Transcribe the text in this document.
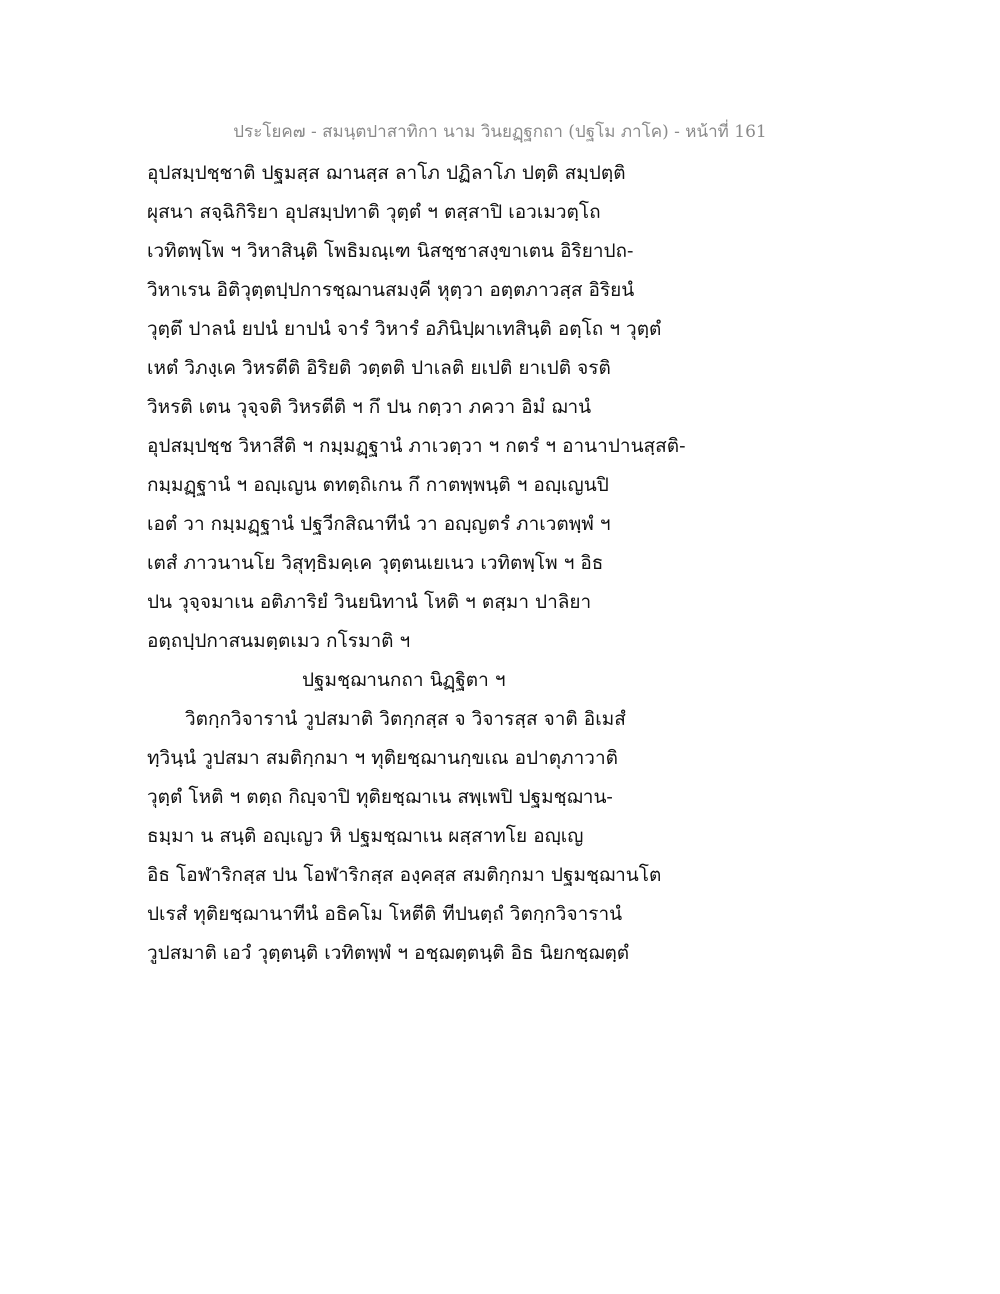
ประโยค๗ - สมนฺตปาสาทิกา นาม วินยฏฺฐกถา (ปฐโม ภาโค) - หน้าที่ 161
อุปสมฺปชฺชาติ ปฐมสฺส ฌานสฺส ลาโภ ปฏิลาโภ ปตฺติ สมฺปตฺติ
ผุสนา สจฺฉิกิริยา อุปสมฺปทาติ วุตฺตํ ฯ ตสฺสาปิ เอวเมวตฺโถ
เวทิตพฺโพ ฯ วิหาสินฺติ โพธิมณฺเฑ นิสชฺชาสงฺขาเตน อิริยาปถ-
วิหาเรน อิติวุตฺตปฺปการชฺฌานสมงฺคี หุตฺวา อตฺตภาวสฺส อิริยนํ
วุตฺตึ ปาลนํ ยปนํ ยาปนํ จารํ วิหารํ อภินิปฺผาเทสินฺติ อตฺโถ ฯ วุตฺตํ
เหตํ วิภงฺเค วิหรตีติ อิริยติ วตฺตติ ปาเลติ ยเปติ ยาเปติ จรติ
วิหรติ เตน วุจฺจติ วิหรตีติ ฯ กึ ปน กตฺวา ภควา อิมํ ฌานํ
อุปสมฺปชฺช วิหาสีติ ฯ กมฺมฏฺฐานํ ภาเวตฺวา ฯ กตรํ ฯ อานาปานสฺสติ-
กมฺมฏฺฐานํ ฯ อญฺเญน ตทตฺถิเกน กึ กาตพฺพนฺติ ฯ อญฺเญนปิ
เอตํ วา กมฺมฏฺฐานํ ปฐวีกสิณาทีนํ วา อญฺญตรํ ภาเวตพฺพํ ฯ
เตสํ ภาวนานโย วิสุทฺธิมคฺเค วุตฺตนเยเนว เวทิตพฺโพ ฯ อิธ
ปน วุจฺจมาเน อติภาริยํ วินยนิทานํ โหติ ฯ ตสฺมา ปาลิยา
อตฺถปฺปกาสนมตฺตเมว กโรมาติ ฯ
ปฐมชฺฌานกถา นิฏฺฐิตา ฯ
วิตกฺกวิจารานํ วูปสมาติ วิตกฺกสฺส จ วิจารสฺส จาติ อิเมสํ
ทฺวินฺนํ วูปสมา สมติกฺกมา ฯ ทุติยชฺฌานกฺขเณ อปาตุภาวาติ
วุตฺตํ โหติ ฯ ตตฺถ กิญฺจาปิ ทุติยชฺฌาเน สพฺเพปิ ปฐมชฺฌาน-
ธมฺมา น สนฺติ อญฺเญว หิ ปฐมชฺฌาเน ผสฺสาทโย อญฺเญ
อิธ โอฬาริกสฺส ปน โอฬาริกสฺส องฺคสฺส สมติกฺกมา ปฐมชฺฌานโต
ปเรสํ ทุติยชฺฌานาทีนํ อธิคโม โหตีติ ทีปนตฺถํ วิตกฺกวิจารานํ
วูปสมาติ เอวํ วุตฺตนฺติ เวทิตพฺพํ ฯ อชฺฌตฺตนฺติ อิธ นิยกชฺฌตฺตํ
